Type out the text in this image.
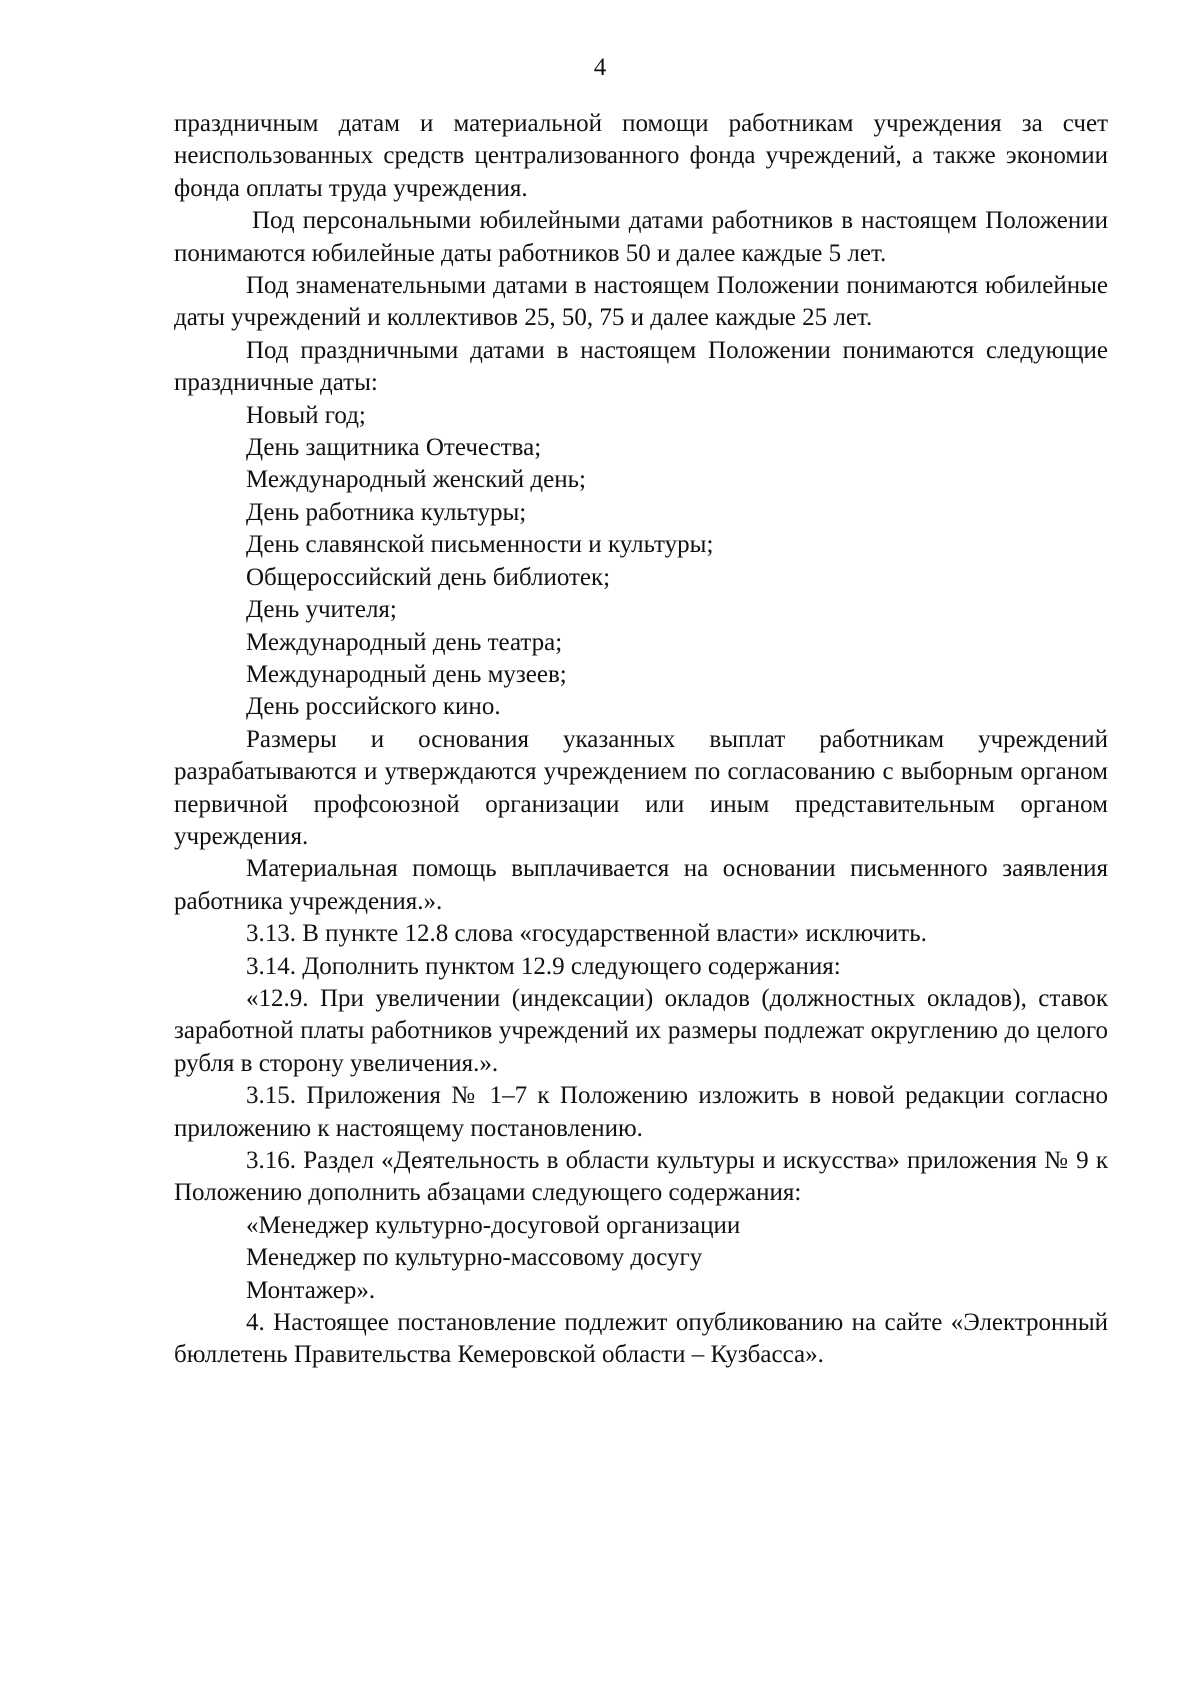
4

праздничным датам и материальной помощи работникам учреждения за счет неиспользованных средств централизованного фонда учреждений, а также экономии фонда оплаты труда учреждения.

Под персональными юбилейными датами работников в настоящем Положении понимаются юбилейные даты работников 50 и далее каждые 5 лет.

Под знаменательными датами в настоящем Положении понимаются юбилейные даты учреждений и коллективов 25, 50, 75 и далее каждые 25 лет.

Под праздничными датами в настоящем Положении понимаются следующие праздничные даты:

Новый год;

День защитника Отечества;

Международный женский день;

День работника культуры;

День славянской письменности и культуры;

Общероссийский день библиотек;

День учителя;

Международный день театра;

Международный день музеев;

День российского кино.

Размеры и основания указанных выплат работникам учреждений разрабатываются и утверждаются учреждением по согласованию с выборным органом первичной профсоюзной организации или иным представительным органом учреждения.

Материальная помощь выплачивается на основании письменного заявления работника учреждения.».

3.13. В пункте 12.8 слова «государственной власти» исключить.

3.14. Дополнить пунктом 12.9 следующего содержания:

«12.9. При увеличении (индексации) окладов (должностных окладов), ставок заработной платы работников учреждений их размеры подлежат округлению до целого рубля в сторону увеличения.».

3.15. Приложения № 1–7 к Положению изложить в новой редакции согласно приложению к настоящему постановлению.

3.16. Раздел «Деятельность в области культуры и искусства» приложения № 9 к Положению дополнить абзацами следующего содержания:

«Менеджер культурно-досуговой организации

Менеджер по культурно-массовому досугу

Монтажер».

4. Настоящее постановление подлежит опубликованию на сайте «Электронный бюллетень Правительства Кемеровской области – Кузбасса».
